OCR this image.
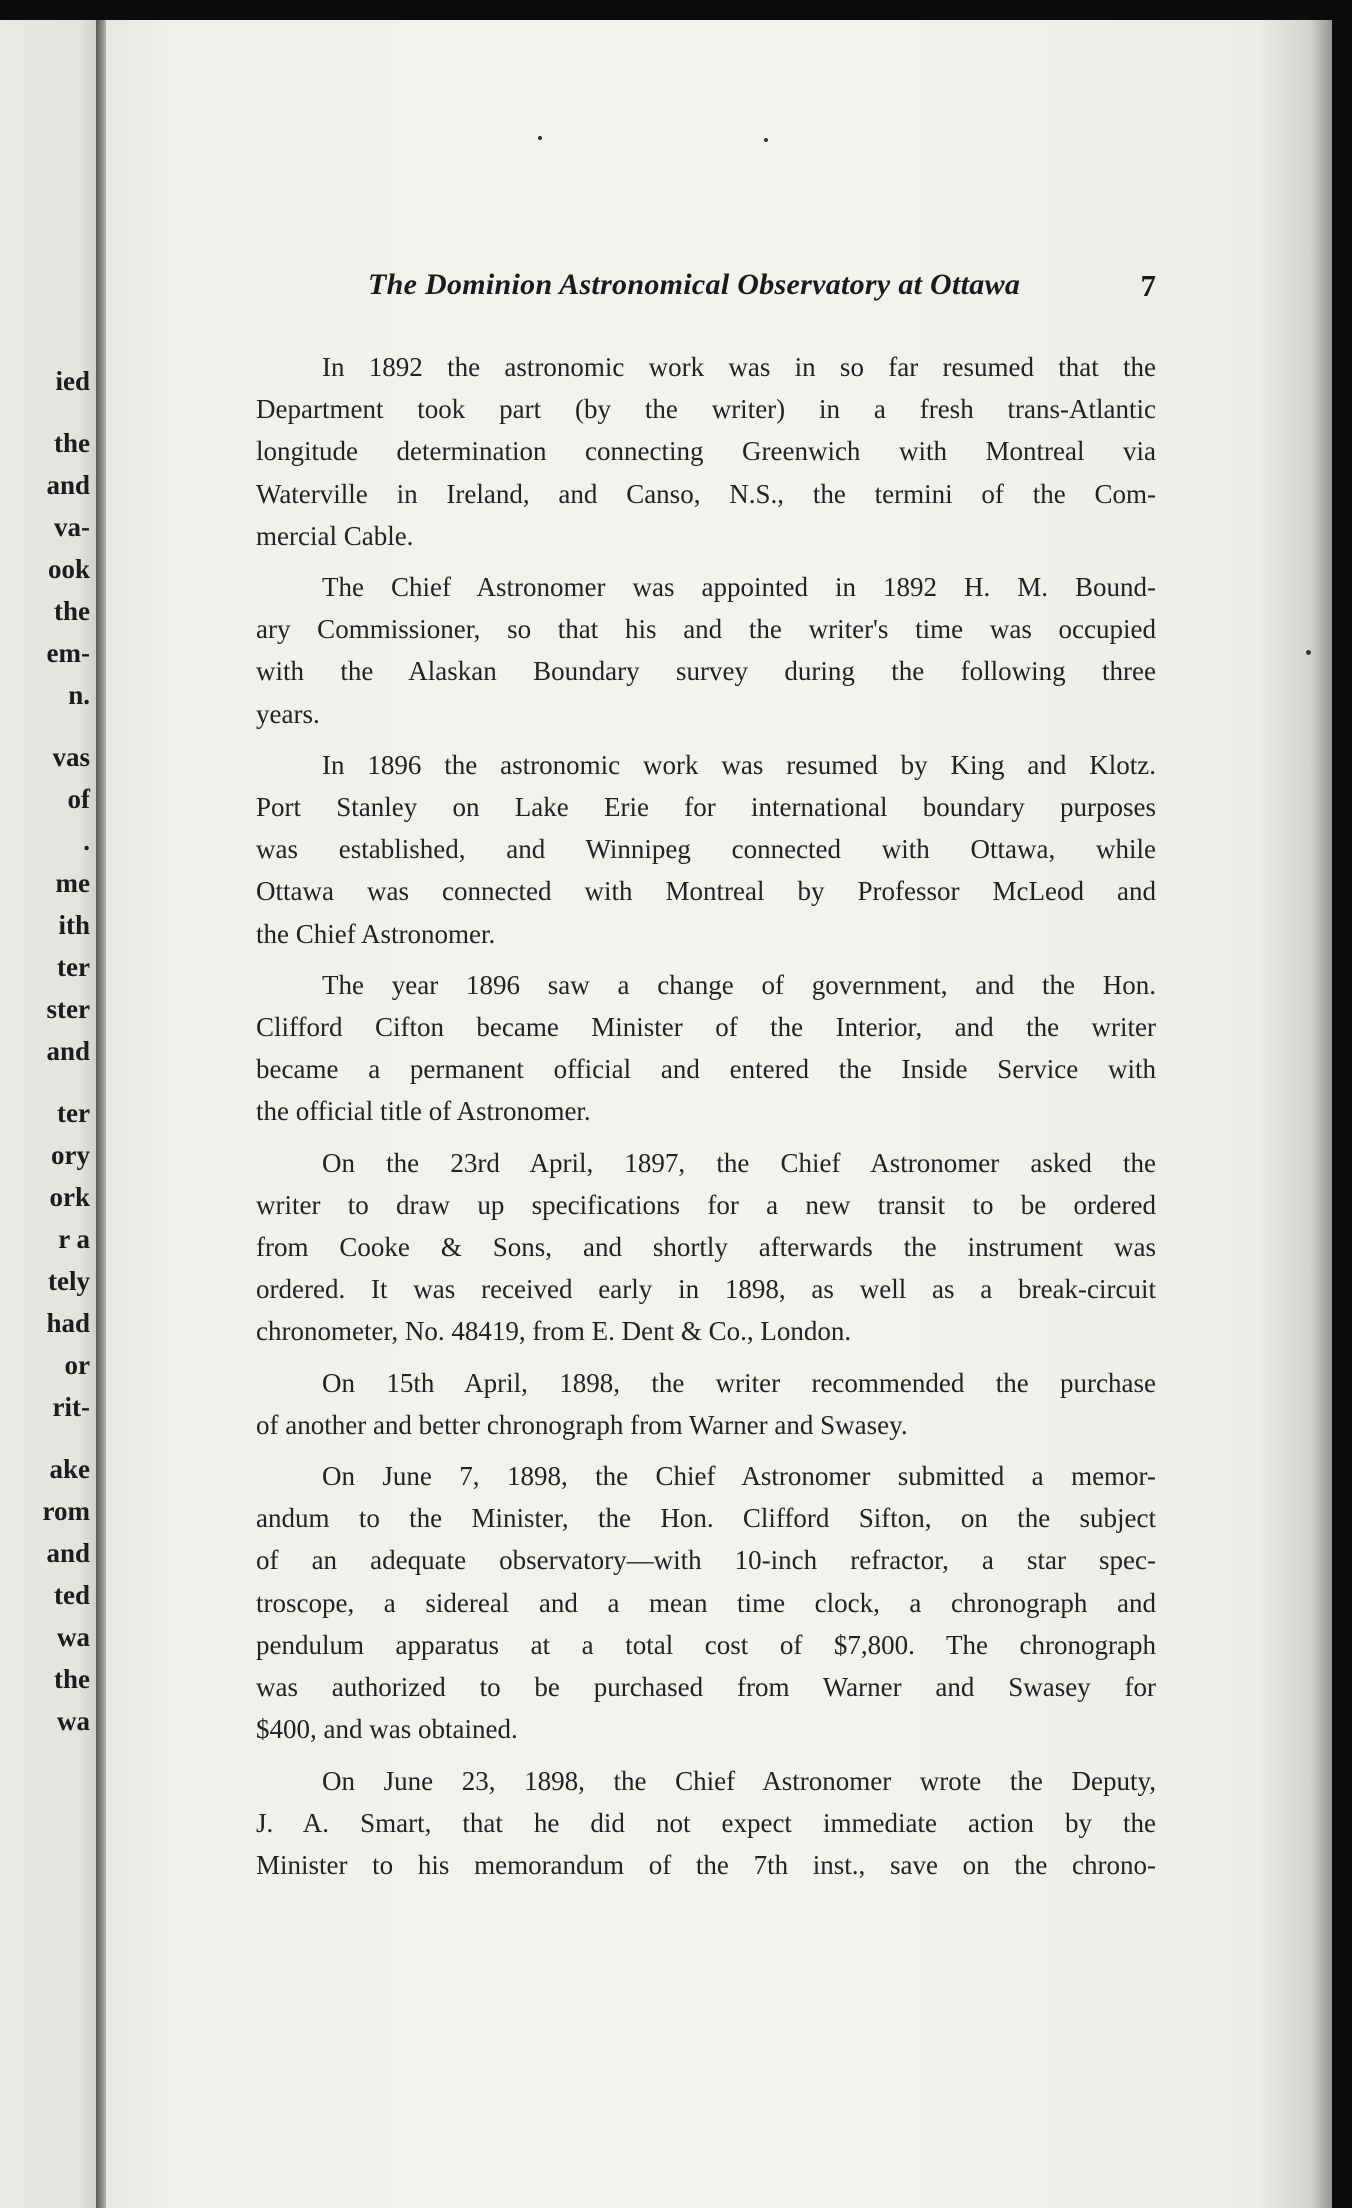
ied
the
and
va-
ook
the
em-
n.
vas
of
.
me
ith
ter
ster
and
ter
ory
ork
r a
tely
had
or
rit-
ake
rom
and
ted
wa
the
wa
The Dominion Astronomical Observatory at Ottawa	7
In 1892 the astronomic work was in so far resumed that the
Department took part (by the writer) in a fresh trans-Atlantic
longitude determination connecting Greenwich with Montreal via
Waterville in Ireland, and Canso, N.S., the termini of the Com-
mercial Cable.
The Chief Astronomer was appointed in 1892 H. M. Bound-
ary Commissioner, so that his and the writer's time was occupied
with the Alaskan Boundary survey during the following three
years.
In 1896 the astronomic work was resumed by King and Klotz.
Port Stanley on Lake Erie for international boundary purposes
was established, and Winnipeg connected with Ottawa, while
Ottawa was connected with Montreal by Professor McLeod and
the Chief Astronomer.
The year 1896 saw a change of government, and the Hon.
Clifford Cifton became Minister of the Interior, and the writer
became a permanent official and entered the Inside Service with
the official title of Astronomer.
On the 23rd April, 1897, the Chief Astronomer asked the
writer to draw up specifications for a new transit to be ordered
from Cooke & Sons, and shortly afterwards the instrument was
ordered. It was received early in 1898, as well as a break-circuit
chronometer, No. 48419, from E. Dent & Co., London.
On 15th April, 1898, the writer recommended the purchase
of another and better chronograph from Warner and Swasey.
On June 7, 1898, the Chief Astronomer submitted a memor-
andum to the Minister, the Hon. Clifford Sifton, on the subject
of an adequate observatory—with 10-inch refractor, a star spec-
troscope, a sidereal and a mean time clock, a chronograph and
pendulum apparatus at a total cost of $7,800. The chronograph
was authorized to be purchased from Warner and Swasey for
$400, and was obtained.
On June 23, 1898, the Chief Astronomer wrote the Deputy,
J. A. Smart, that he did not expect immediate action by the
Minister to his memorandum of the 7th inst., save on the chrono-
